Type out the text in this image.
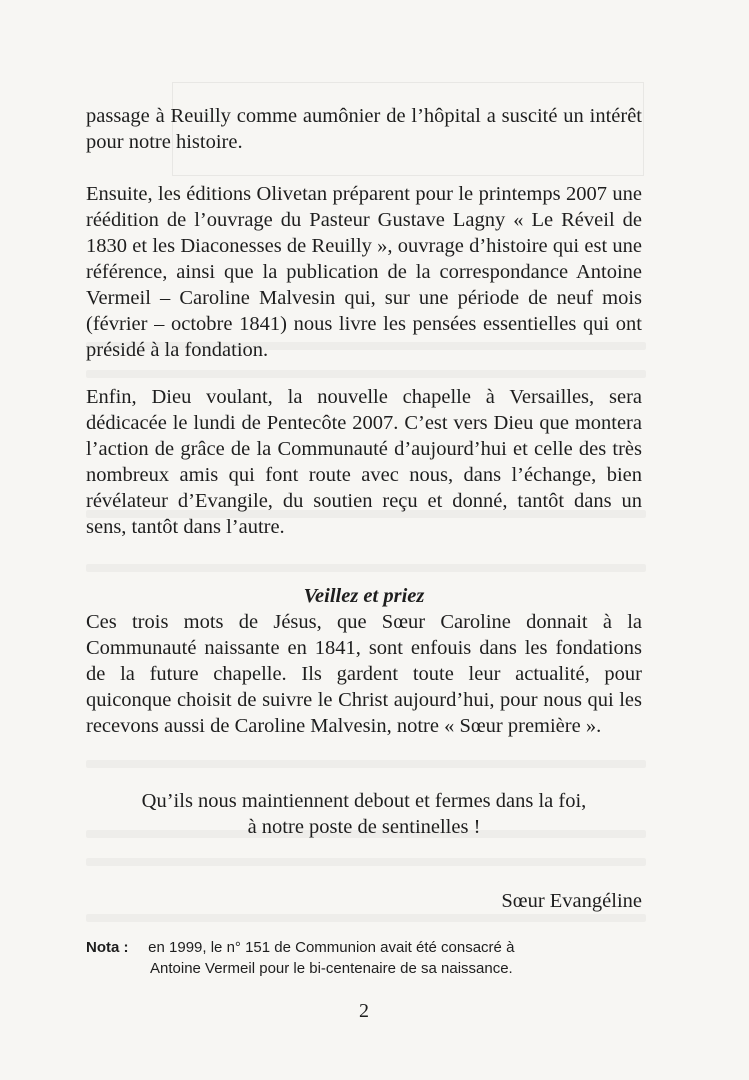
passage à Reuilly comme aumônier de l’hôpital a suscité un intérêt pour notre histoire.

Ensuite, les éditions Olivetan préparent pour le printemps 2007 une réédition de l’ouvrage du Pasteur Gustave Lagny « Le Réveil de 1830 et les Diaconesses de Reuilly », ouvrage d’histoire qui est une référence, ainsi que la publication de la correspondance Antoine Vermeil – Caroline Malvesin qui, sur une période de neuf mois (février – octobre 1841) nous livre les pensées essentielles qui ont présidé à la fondation.

Enfin, Dieu voulant, la nouvelle chapelle à Versailles, sera dédicacée le lundi de Pentecôte 2007. C’est vers Dieu que montera l’action de grâce de la Communauté d’aujourd’hui et celle des très nombreux amis qui font route avec nous, dans l’échange, bien révélateur d’Evangile, du soutien reçu et donné, tantôt dans un sens, tantôt dans l’autre.

Veillez et priez

Ces trois mots de Jésus, que Sœur Caroline donnait à la Communauté naissante en 1841, sont enfouis dans les fondations de la future chapelle. Ils gardent toute leur actualité, pour quiconque choisit de suivre le Christ aujourd’hui, pour nous qui les recevons aussi de Caroline Malvesin, notre « Sœur première ».

Qu’ils nous maintiennent debout et fermes dans la foi,
à notre poste de sentinelles !
Sœur Evangéline
Nota : en 1999, le n° 151 de Communion avait été consacré à
Antoine Vermeil pour le bi-centenaire de sa naissance.
2
